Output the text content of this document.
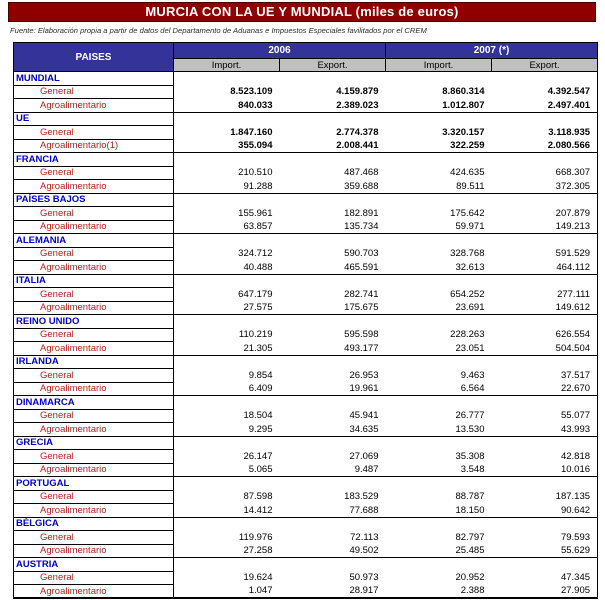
MURCIA CON LA UE Y MUNDIAL (miles de euros)
Fuente: Elaboración propia a partir de datos del Departamento de Aduanas e Impuestos Especiales favilitados por el CREM
PAISES	2006		2007 (*)	
	Import.	Export.	Import.	Export.
MUNDIAL				
General	8.523.109	4.159.879	8.860.314	4.392.547
Agroalimentario	840.033	2.389.023	1.012.807	2.497.401
UE				
General	1.847.160	2.774.378	3.320.157	3.118.935
Agroalimentario(1)	355.094	2.008.441	322.259	2.080.566
FRANCIA				
General	210.510	487.468	424.635	668.307
Agroalimentario	91.288	359.688	89.511	372.305
PAÍSES BAJOS				
General	155.961	182.891	175.642	207.879
Agroalimentario	63.857	135.734	59.971	149.213
ALEMANIA				
General	324.712	590.703	328.768	591.529
Agroalimentario	40.488	465.591	32.613	464.112
ITALIA				
General	647.179	282.741	654.252	277.111
Agroalimentario	27.575	175.675	23.691	149.612
REINO UNIDO				
General	110.219	595.598	228.263	626.554
Agroalimentario	21.305	493.177	23.051	504.504
IRLANDA				
General	9.854	26.953	9.463	37.517
Agroalimentario	6.409	19.961	6.564	22.670
DINAMARCA				
General	18.504	45.941	26.777	55.077
Agroalimentario	9.295	34.635	13.530	43.993
GRECIA				
General	26.147	27.069	35.308	42.818
Agroalimentario	5.065	9.487	3.548	10.016
PORTUGAL				
General	87.598	183.529	88.787	187.135
Agroalimentario	14.412	77.688	18.150	90.642
BÉLGICA				
General	119.976	72.113	82.797	79.593
Agroalimentario	27.258	49.502	25.485	55.629
AUSTRIA				
General	19.624	50.973	20.952	47.345
Agroalimentario	1.047	28.917	2.388	27.905
